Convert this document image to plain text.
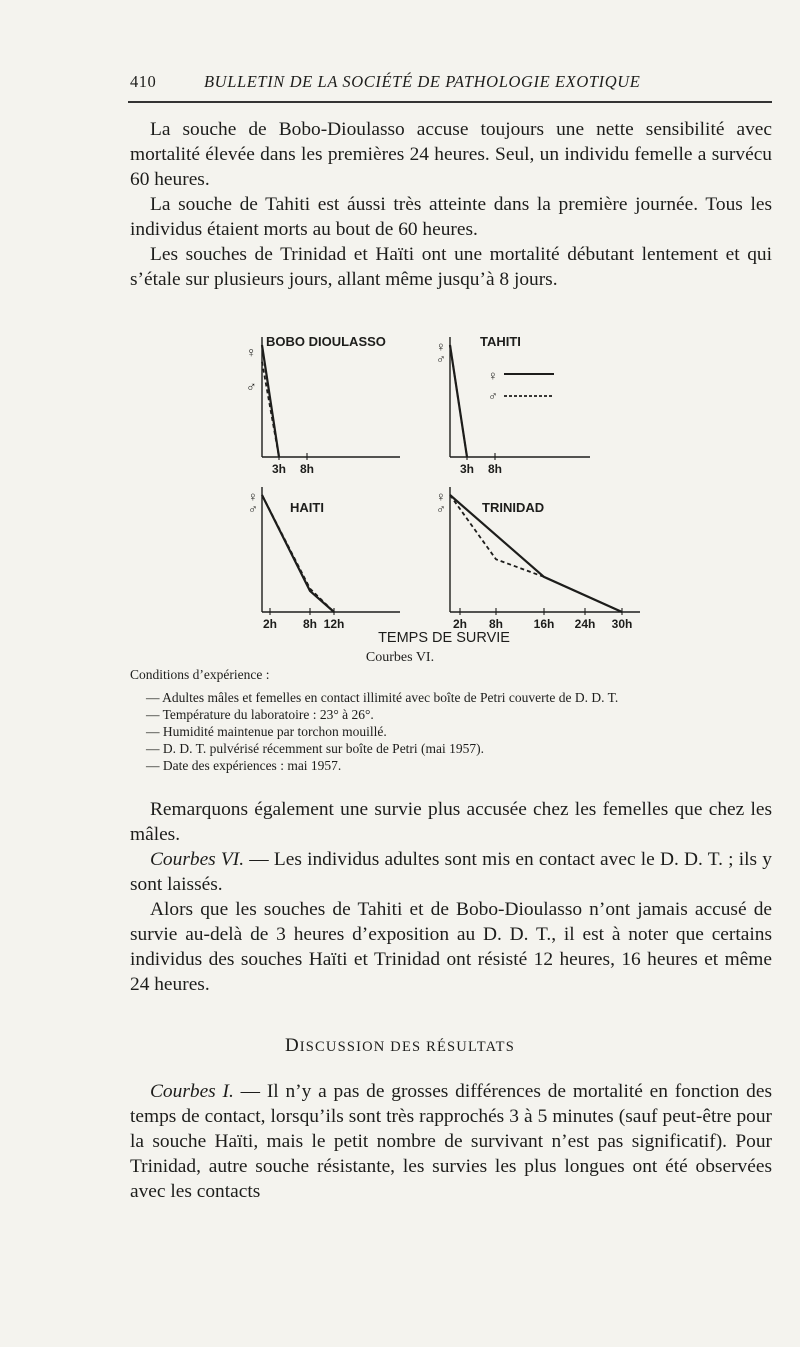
410	BULLETIN DE LA SOCIÉTÉ DE PATHOLOGIE EXOTIQUE

La souche de Bobo-Dioulasso accuse toujours une nette sensibilité avec mortalité élevée dans les premières 24 heures. Seul, un individu femelle a survécu 60 heures.

La souche de Tahiti est áussi très atteinte dans la première journée. Tous les individus étaient morts au bout de 60 heures.

Les souches de Trinidad et Haïti ont une mortalité débutant lentement et qui s’étale sur plusieurs jours, allant même jusqu’à 8 jours.

BOBO DIOULASSO
♀
♂
3h 8h
TAHITI
♀
♂
3h 8h
HAITI
♀
♂
2h 8h 12h
TRINIDAD
♀
♂
2h 8h	16h 24h 30h
♀
♂
TEMPS DE SURVIE
Courbes VI.
Conditions d’expérience :
— Adultes mâles et femelles en contact illimité avec boîte de Petri couverte de D. D. T.
— Température du laboratoire : 23° à 26°.
— Humidité maintenue par torchon mouillé.
— D. D. T. pulvérisé récemment sur boîte de Petri (mai 1957).
— Date des expériences : mai 1957.

Remarquons également une survie plus accusée chez les femelles que chez les mâles.

Courbes VI. — Les individus adultes sont mis en contact avec le D. D. T. ; ils y sont laissés.

Alors que les souches de Tahiti et de Bobo-Dioulasso n’ont jamais accusé de survie au-delà de 3 heures d’exposition au D. D. T., il est à noter que certains individus des souches Haïti et Trinidad ont résisté 12 heures, 16 heures et même 24 heures.

DISCUSSION DES RÉSULTATS

Courbes I. — Il n’y a pas de grosses différences de mortalité en fonction des temps de contact, lorsqu’ils sont très rapprochés 3 à 5 minutes (sauf peut-être pour la souche Haïti, mais le petit nombre de survivant n’est pas significatif). Pour Trinidad, autre souche résistante, les survies les plus longues ont été observées avec les contacts
